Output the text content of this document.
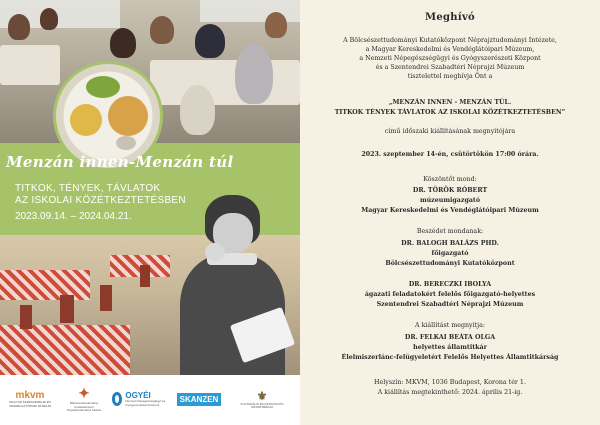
Menzán innen-Menzán túl
TITKOK, TÉNYEK, TÁVLATOK
AZ ISKOLAI KÖZÉTKEZTETÉSBEN
2023.09.14. – 2024.04.21.
mkvm
MAGYAR KERESKEDELMI ÉS VENDÉGLÁTÓIPARI MÚZEUM
✦
Bölcsészettudományi Kutatóközpont Néprajztudományi Intézet
OGYÉI
Nemzeti Népegészségügyi és Gyógyszerészeti Központ
SKANZEN	⚜
KULTURÁLIS ÉS INNOVÁCIÓS MINISZTÉRIUM
Meghívó
A Bölcsészettudományi Kutatóközpont Néprajztudományi Intézete,
a Magyar Kereskedelmi és Vendéglátóipari Múzeum,
a Nemzeti Népegészségügyi és Gyógyszerészeti Központ
és a Szentendrei Szabadtéri Néprajzi Múzeum
tisztelettel meghívja Önt a
„MENZÁN INNEN - MENZÁN TÚL.
TITKOK TÉNYEK TÁVLATOK AZ ISKOLAI KÖZÉTKEZTETÉSBEN”
című időszaki kiállításának megnyitójára
2023. szeptember 14-én, csütörtökön 17:00 órára.
Köszöntőt mond:
DR. TÖRÖK RÓBERT
múzeumigazgató
Magyar Kereskedelmi és Vendéglátóipari Múzeum
Beszédet mondanak:
DR. BALOGH BALÁZS PHD.
főigazgató
Bölcsészettudományi Kutatóközpont
DR. BERECZKI IBOLYA
ágazati feladatokért felelős főigazgató-helyettes
Szentendrei Szabadtéri Néprajzi Múzeum
A kiállítást megnyitja:
DR. FELKAI BEÁTA OLGA
helyettes államtitkár
Élelmiszerlánc-felügyeletért Felelős Helyettes Államtitkárság
Helyszín: MKVM, 1036 Budapest, Korona tér 1.
A kiállítás megtekinthető: 2024. április 21-ig.
